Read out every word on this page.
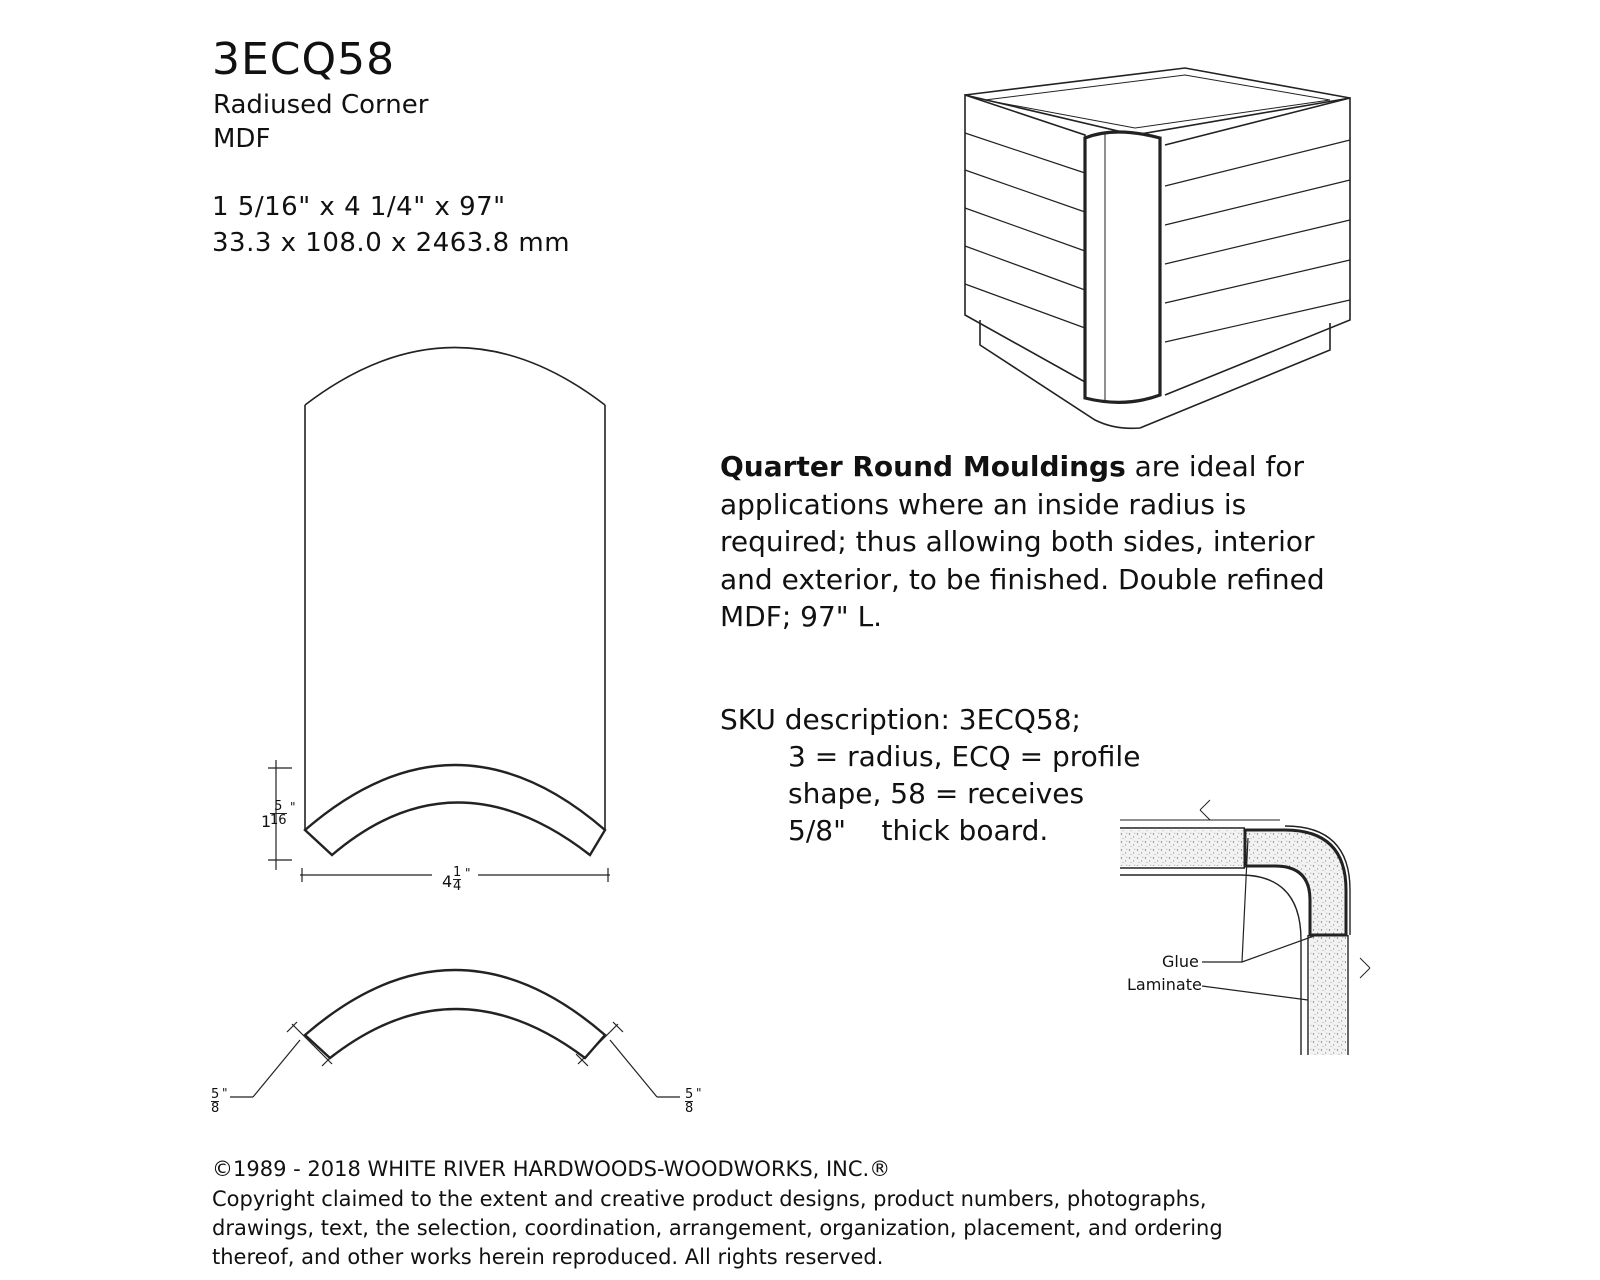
3ECQ58
Radiused Corner
MDF
1 5/16" x 4 1/4" x 97"
33.3 x 108.0 x 2463.8 mm
1
$\frac{5}{16}$ "
$4 \frac{1}{4}$ "
$\frac{5}{8}$ "	$\frac{5}{8}$ "
Quarter Round Mouldings are ideal for applications where an inside radius is required; thus allowing both sides, interior and exterior, to be finished. Double refined MDF; 97" L.
SKU description: 3ECQ58;
3 = radius, ECQ = profile
shape, 58 = receives
5/8"    thick board.
Glue
Laminate
©1989 - 2018 WHITE RIVER HARDWOODS-WOODWORKS, INC.®
Copyright claimed to the extent and creative product designs, product numbers, photographs,
drawings, text, the selection, coordination, arrangement, organization, placement, and ordering
thereof, and other works herein reproduced. All rights reserved.
